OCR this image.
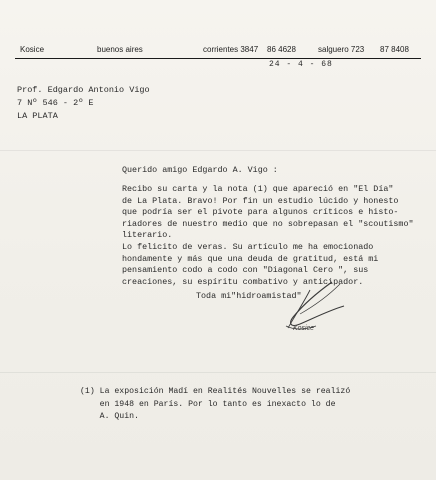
Kosice	buenos aires	corrientes 3847 86 4628	salguero 723 87 8408
24 - 4 - 68
Prof. Edgardo Antonio Vigo
7 Nº 546 - 2º E
LA PLATA
Querido amigo Edgardo A. Vigo :
Recibo su carta y la nota (1) que apareció en "El Día"
de La Plata. Bravo! Por fin un estudio lúcido y honesto
que podría ser el pivote para algunos críticos e histo-
riadores de nuestro medio que no sobrepasan el "scoutismo"
literario.
Lo felicito de veras. Su artículo me ha emocionado
hondamente y más que una deuda de gratitud, está mi
pensamiento codo a codo con "Diagonal Cero ", sus
creaciones, su espíritu combativo y anticipador.
Toda mi"hidroamistad"
Kosice
(1) La exposición Madí en Realités Nouvelles se realizó
en 1948 en París. Por lo tanto es inexacto lo de
A. Quin.
